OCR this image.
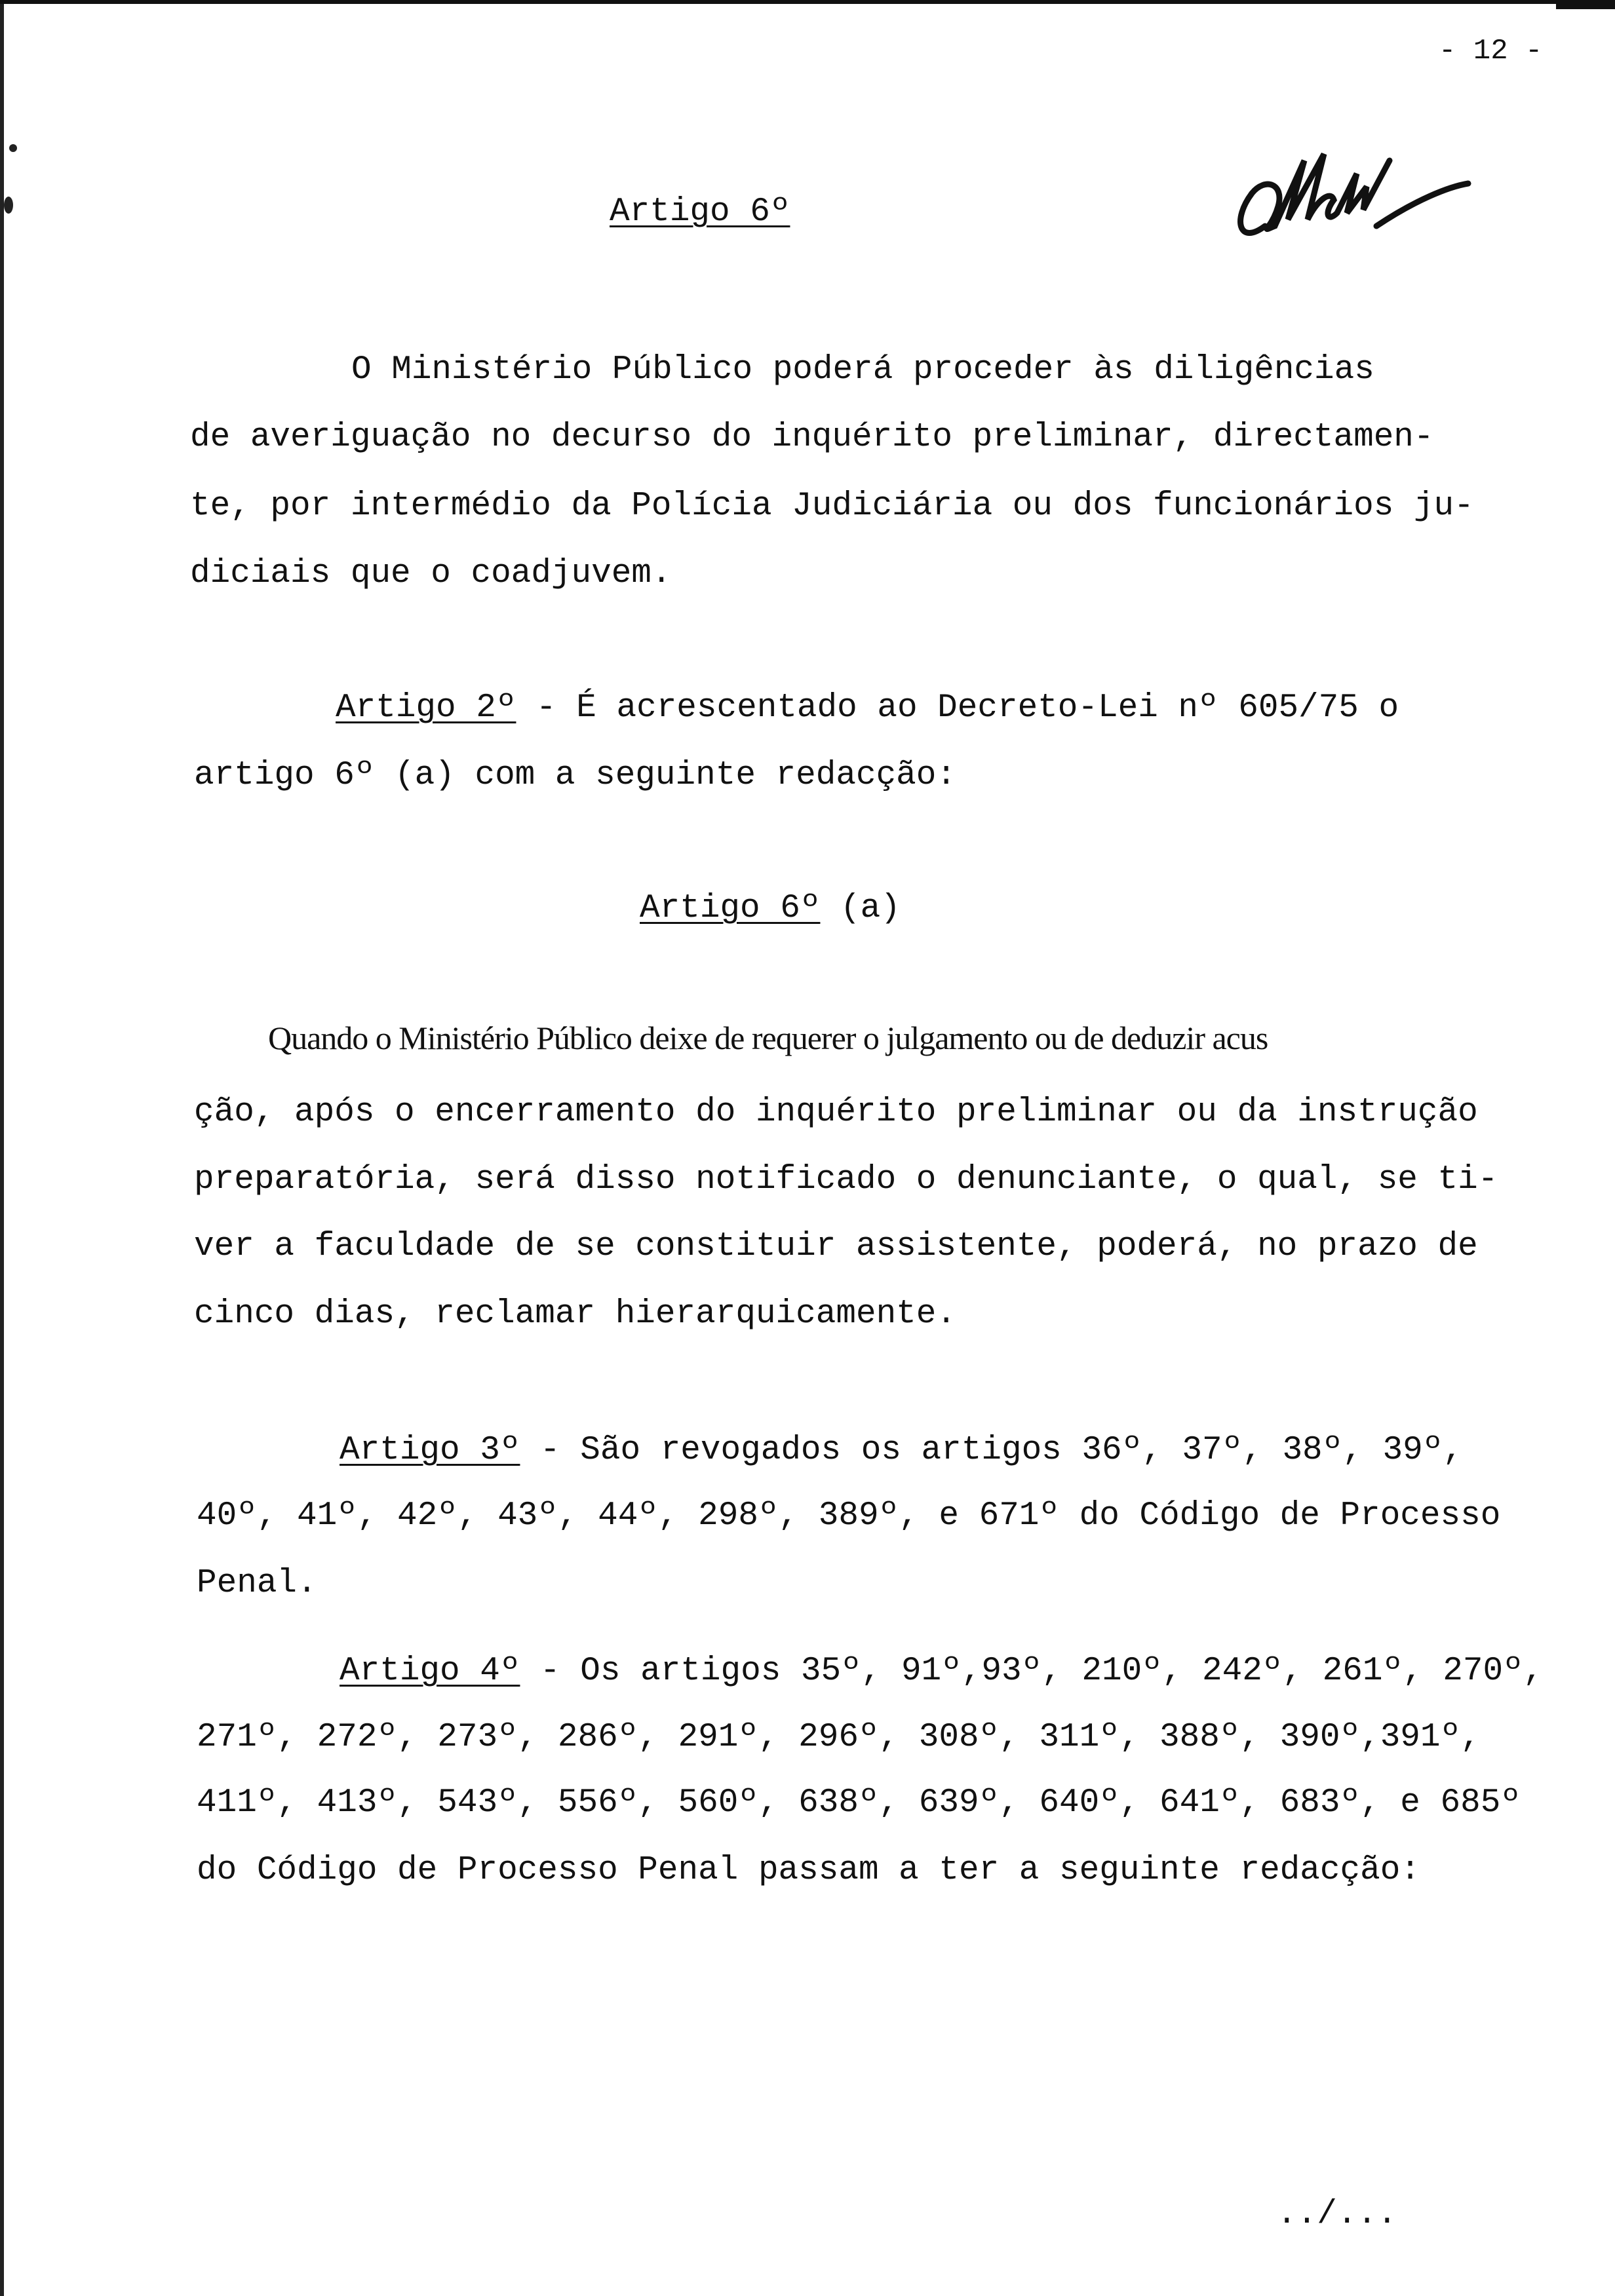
- 12 -
Artigo 6º
O Ministério Público poderá proceder às diligências
de averiguação no decurso do inquérito preliminar, directamen-
te, por intermédio da Polícia Judiciária ou dos funcionários ju-
diciais que o coadjuvem.
Artigo 2º - É acrescentado ao Decreto-Lei nº 605/75 o
artigo 6º (a) com a seguinte redacção:
Artigo 6º (a)
Quando o Ministério Público deixe de requerer o julgamento ou de deduzir acus
ção, após o encerramento do inquérito preliminar ou da instrução
preparatória, será disso notificado o denunciante, o qual, se ti-
ver a faculdade de se constituir assistente, poderá, no prazo de
cinco dias, reclamar hierarquicamente.
Artigo 3º - São revogados os artigos 36º, 37º, 38º, 39º,
40º, 41º, 42º, 43º, 44º, 298º, 389º, e 671º do Código de Processo
Penal.
Artigo 4º - Os artigos 35º, 91º,93º, 210º, 242º, 261º, 270º,
271º, 272º, 273º, 286º, 291º, 296º, 308º, 311º, 388º, 390º,391º,
411º, 413º, 543º, 556º, 560º, 638º, 639º, 640º, 641º, 683º, e 685º
do Código de Processo Penal passam a ter a seguinte redacção:
../...
